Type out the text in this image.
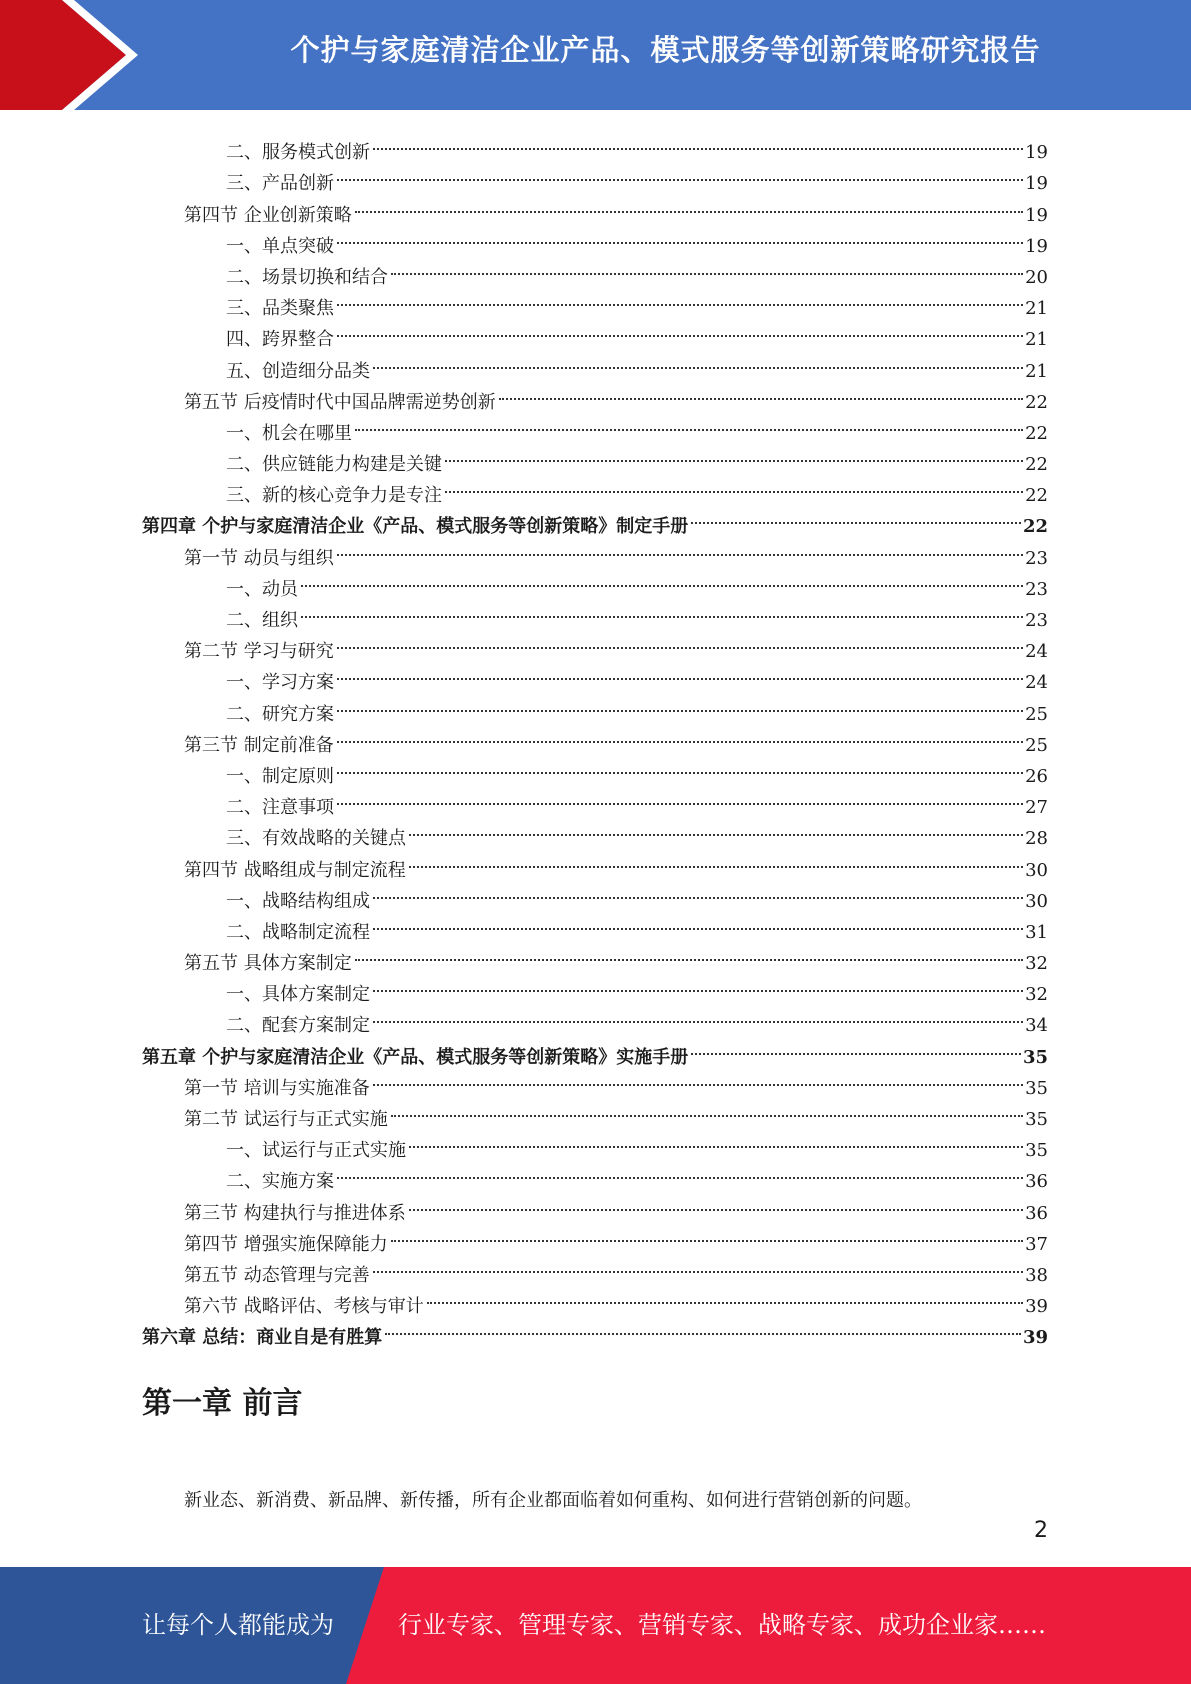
个护与家庭清洁企业产品、模式服务等创新策略研究报告
二、服务模式创新	19
三、产品创新	19
第四节 企业创新策略	19
一、单点突破	19
二、场景切换和结合	20
三、品类聚焦	21
四、跨界整合	21
五、创造细分品类	21
第五节 后疫情时代中国品牌需逆势创新	22
一、机会在哪里	22
二、供应链能力构建是关键	22
三、新的核心竞争力是专注	22
第四章 个护与家庭清洁企业《产品、模式服务等创新策略》制定手册	22
第一节 动员与组织	23
一、动员	23
二、组织	23
第二节 学习与研究	24
一、学习方案	24
二、研究方案	25
第三节 制定前准备	25
一、制定原则	26
二、注意事项	27
三、有效战略的关键点	28
第四节 战略组成与制定流程	30
一、战略结构组成	30
二、战略制定流程	31
第五节 具体方案制定	32
一、具体方案制定	32
二、配套方案制定	34
第五章 个护与家庭清洁企业《产品、模式服务等创新策略》实施手册	35
第一节 培训与实施准备	35
第二节 试运行与正式实施	35
一、试运行与正式实施	35
二、实施方案	36
第三节 构建执行与推进体系	36
第四节 增强实施保障能力	37
第五节 动态管理与完善	38
第六节 战略评估、考核与审计	39
第六章 总结：商业自是有胜算	39
第一章 前言

新业态、新消费、新品牌、新传播，所有企业都面临着如何重构、如何进行营销创新的问题。

2
让每个人都能成为	行业专家、管理专家、营销专家、战略专家、成功企业家……
